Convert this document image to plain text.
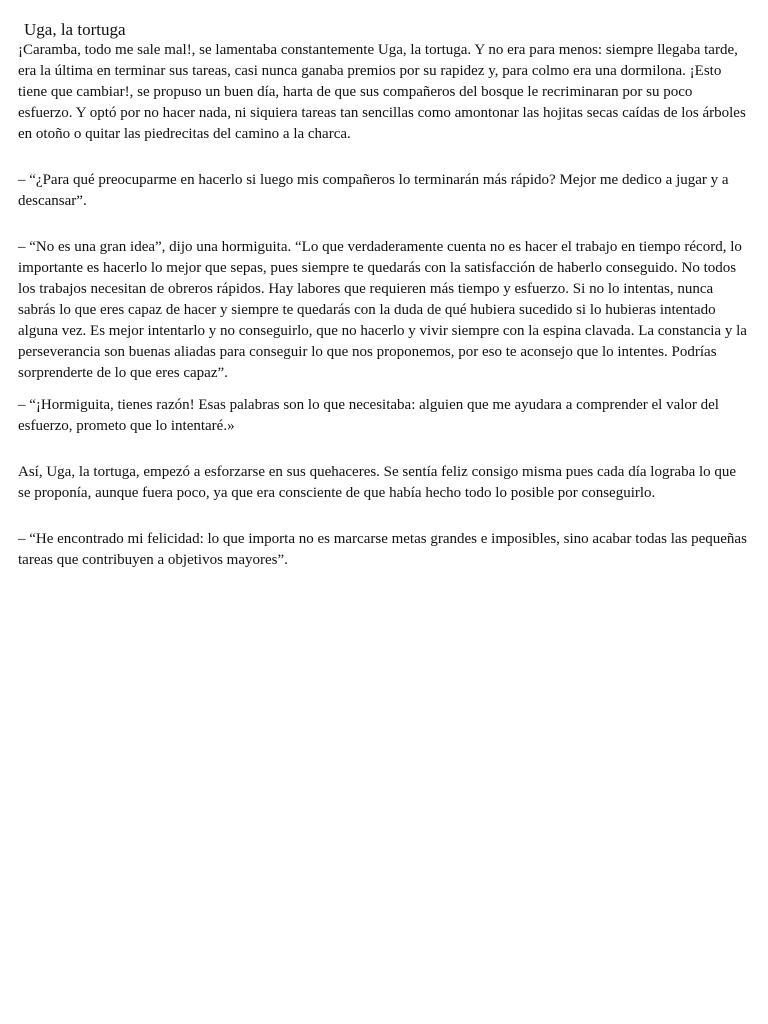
Uga, la tortuga

¡Caramba, todo me sale mal!, se lamentaba constantemente Uga, la tortuga. Y no era para menos: siempre llegaba tarde, era la última en terminar sus tareas, casi nunca ganaba premios por su rapidez y, para colmo era una dormilona. ¡Esto tiene que cambiar!, se propuso un buen día, harta de que sus compañeros del bosque le recriminaran por su poco esfuerzo. Y optó por no hacer nada, ni siquiera tareas tan sencillas como amontonar las hojitas secas caídas de los árboles en otoño o quitar las piedrecitas del camino a la charca.

– “¿Para qué preocuparme en hacerlo si luego mis compañeros lo terminarán más rápido? Mejor me dedico a jugar y a descansar”.

– “No es una gran idea”, dijo una hormiguita. “Lo que verdaderamente cuenta no es hacer el trabajo en tiempo récord, lo importante es hacerlo lo mejor que sepas, pues siempre te quedarás con la satisfacción de haberlo conseguido. No todos los trabajos necesitan de obreros rápidos. Hay labores que requieren más tiempo y esfuerzo. Si no lo intentas, nunca sabrás lo que eres capaz de hacer y siempre te quedarás con la duda de qué hubiera sucedido si lo hubieras intentado alguna vez. Es mejor intentarlo y no conseguirlo, que no hacerlo y vivir siempre con la espina clavada. La constancia y la perseverancia son buenas aliadas para conseguir lo que nos proponemos, por eso te aconsejo que lo intentes. Podrías sorprenderte de lo que eres capaz”.

– “¡Hormiguita, tienes razón! Esas palabras son lo que necesitaba: alguien que me ayudara a comprender el valor del esfuerzo, prometo que lo intentaré.»

Así, Uga, la tortuga, empezó a esforzarse en sus quehaceres. Se sentía feliz consigo misma pues cada día lograba lo que se proponía, aunque fuera poco, ya que era consciente de que había hecho todo lo posible por conseguirlo.

– “He encontrado mi felicidad: lo que importa no es marcarse metas grandes e imposibles, sino acabar todas las pequeñas tareas que contribuyen a objetivos mayores”.
